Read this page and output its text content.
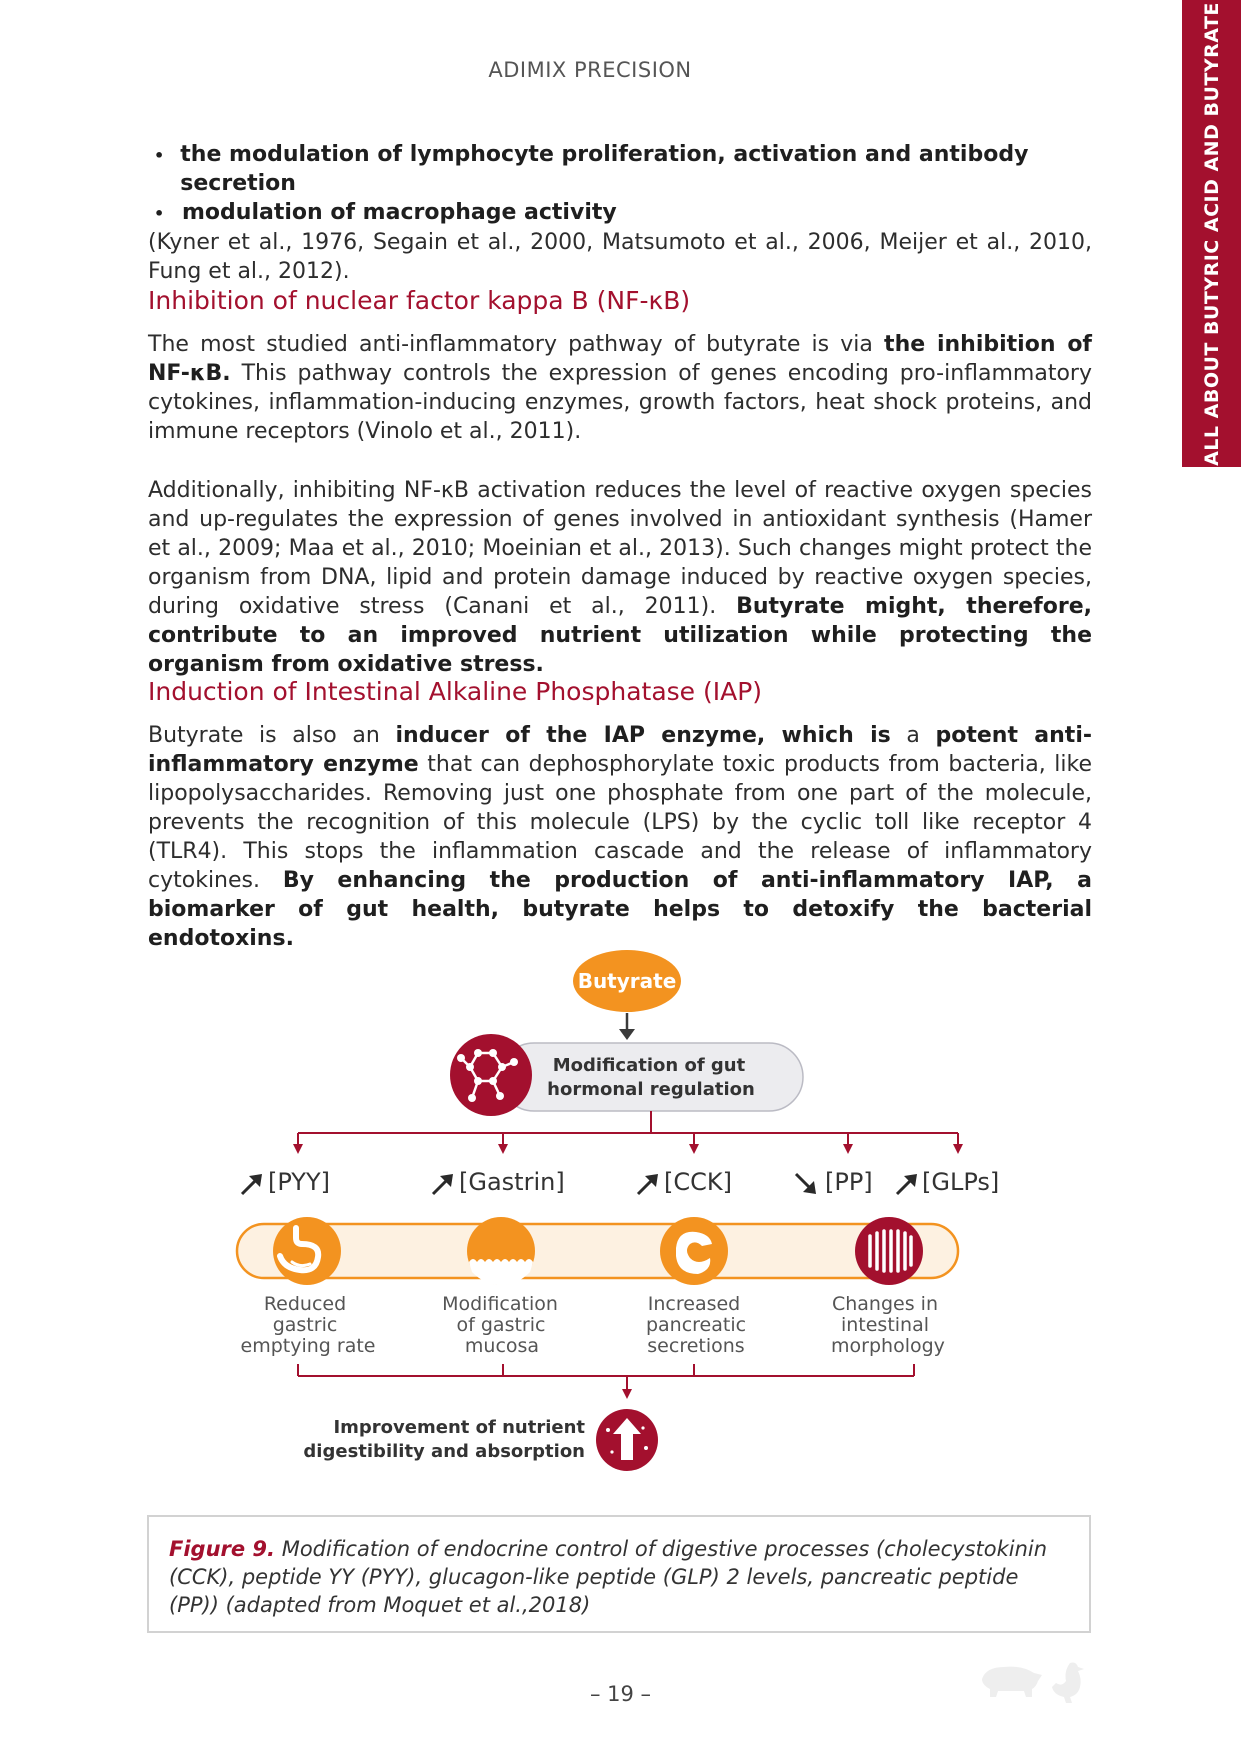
ADIMIX PRECISION	ALL ABOUT BUTYRIC ACID AND BUTYRATE
• the modulation of lymphocyte proliferation, activation and antibody secretion
• modulation of macrophage activity
(Kyner et al., 1976, Segain et al., 2000, Matsumoto et al., 2006, Meijer et al., 2010, Fung et al., 2012).
Inhibition of nuclear factor kappa B (NF-κB)
The most studied anti-inflammatory pathway of butyrate is via the inhibition of NF-κB. This pathway controls the expression of genes encoding pro-inflammatory cytokines, inflammation-inducing enzymes, growth factors, heat shock proteins, and immune receptors (Vinolo et al., 2011).
Additionally, inhibiting NF-κB activation reduces the level of reactive oxygen species and up-regulates the expression of genes involved in antioxidant synthesis (Hamer et al., 2009; Maa et al., 2010; Moeinian et al., 2013). Such changes might protect the organism from DNA, lipid and protein damage induced by reactive oxygen species, during oxidative stress (Canani et al., 2011). Butyrate might, therefore, contribute to an improved nutrient utilization while protecting the organism from oxidative stress.
Induction of Intestinal Alkaline Phosphatase (IAP)
Butyrate is also an inducer of the IAP enzyme, which is a potent anti-inflammatory enzyme that can dephosphorylate toxic products from bacteria, like lipopolysaccharides. Removing just one phosphate from one part of the molecule, prevents the recognition of this molecule (LPS) by the cyclic toll like receptor 4 (TLR4). This stops the inflammation cascade and the release of inflammatory cytokines. By enhancing the production of anti-inflammatory IAP, a biomarker of gut health, butyrate helps to detoxify the bacterial endotoxins.
Butyrate
Modification of gut
hormonal regulation
[PYY]	[Gastrin]	[CCK]	[PP] [GLPs]
Reduced
gastric
emptying rate
Modification
of gastric
mucosa
Increased
pancreatic
secretions
Changes in
intestinal
morphology
Improvement of nutrient
digestibility and absorption
Figure 9. Modification of endocrine control of digestive processes (cholecystokinin (CCK), peptide YY (PYY), glucagon-like peptide (GLP) 2 levels, pancreatic peptide (PP)) (adapted from Moquet et al.,2018)
– 19 –
